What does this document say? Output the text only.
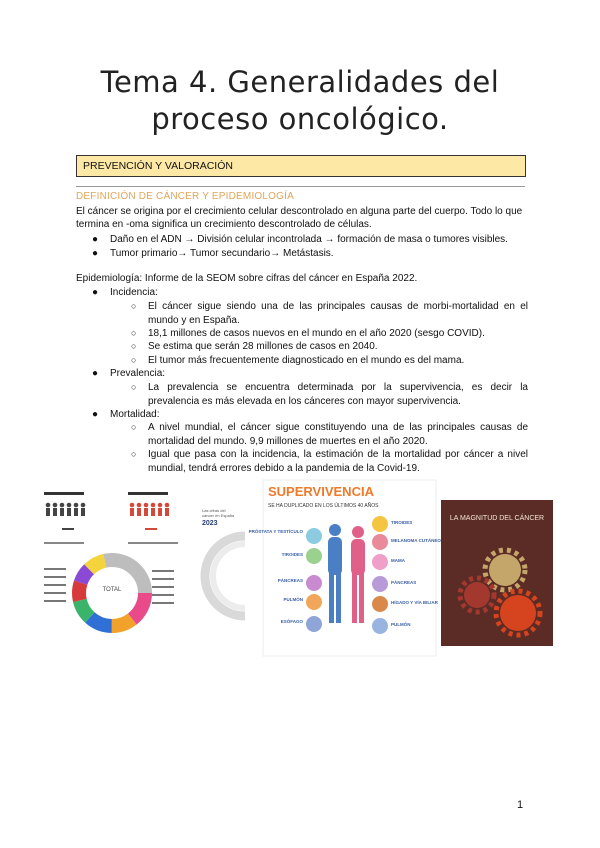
Tema 4. Generalidades del
proceso oncológico.
PREVENCIÓN Y VALORACIÓN
DEFINICIÓN DE CÁNCER Y EPIDEMIOLOGÍA
El cáncer se origina por el crecimiento celular descontrolado en alguna parte del cuerpo. Todo lo que
termina en -oma significa un crecimiento descontrolado de células.
● Daño en el ADN → División celular incontrolada → formación de masa o tumores visibles.
● Tumor primario→ Tumor secundario→ Metástasis.
Epidemiología: Informe de la SEOM sobre cifras del cáncer en España 2022.
● Incidencia:
○ El cáncer sigue siendo una de las principales causas de morbi-mortalidad en el mundo y en España.
○ 18,1 millones de casos nuevos en el mundo en el año 2020 (sesgo COVID).
○ Se estima que serán 28 millones de casos en 2040.
○ El tumor más frecuentemente diagnosticado en el mundo es del mama.
● Prevalencia:
○ La prevalencia se encuentra determinada por la supervivencia, es decir la prevalencia es más elevada en los cánceres con mayor supervivencia.
● Mortalidad:
○ A nivel mundial, el cáncer sigue constituyendo una de las principales causas de mortalidad del mundo. 9,9 millones de muertes en el año 2020.
○ Igual que pasa con la incidencia, la estimación de la mortalidad por cáncer a nivel mundial, tendrá errores debido a la pandemia de la Covid-19.
TOTAL
Las cifras del
cáncer en España
2023
SUPERVIVENCIA
SE HA DUPLICADO EN LOS ÚLTIMOS 40 AÑOS
PRÓSTATA Y TESTÍCULO
TIROIDES
PÁNCREAS
PULMÓN
ESÓFAGO
TIROIDES
MELANOMA CUTÁNEO
MAMA
PÁNCREAS
HÍGADO Y VÍA BILIAR
PULMÓN
LA MAGNITUD DEL CÁNCER
1
